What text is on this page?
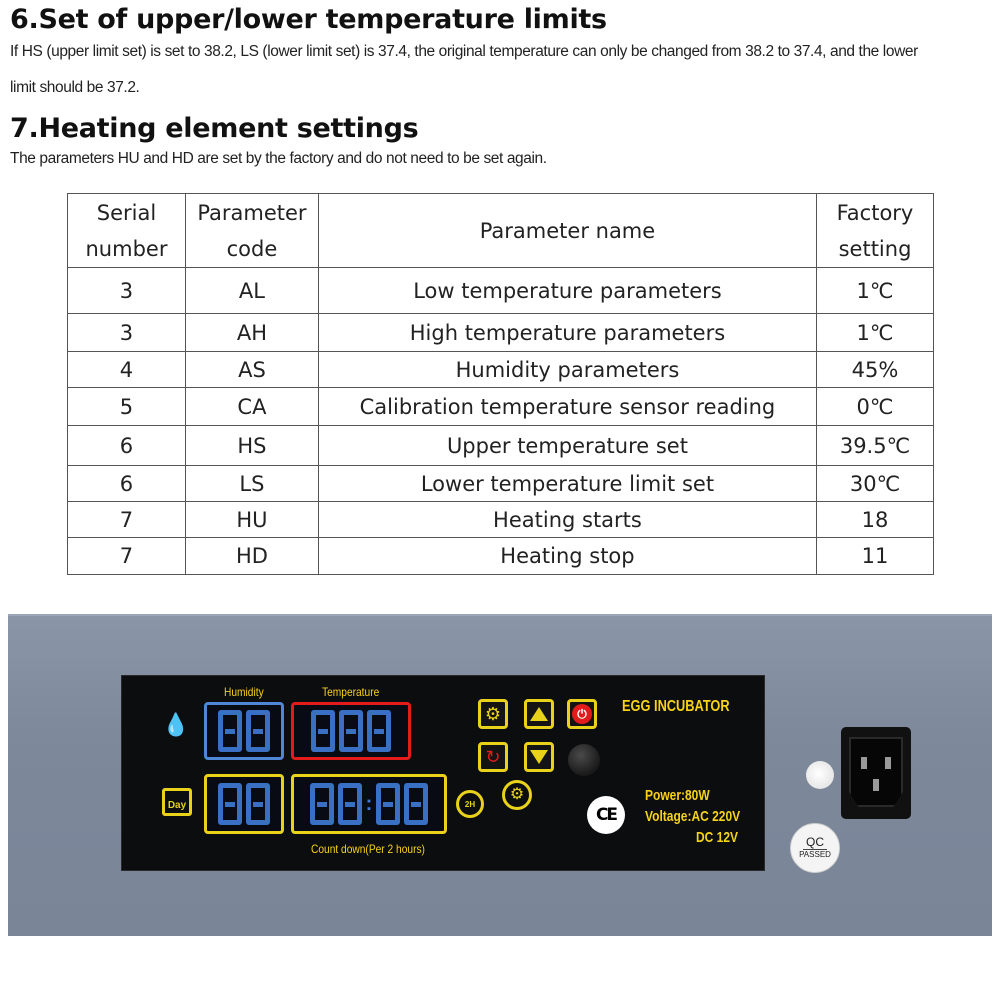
6.Set of upper/lower temperature limits
If HS (upper limit set) is set to 38.2, LS (lower limit set) is 37.4, the original temperature can only be changed from 38.2 to 37.4, and the lower
limit should be 37.2.
7.Heating element settings
The parameters HU and HD are set by the factory and do not need to be set again.
Serial number	Parameter code	Parameter name	Factory setting
3	AL	Low temperature parameters	1℃
3	AH	High temperature parameters	1℃
4	AS	Humidity parameters	45%
5	CA	Calibration temperature sensor reading	0℃
6	HS	Upper temperature set	39.5℃
6	LS	Lower temperature limit set	30℃
7	HU	Heating starts	18
7	HD	Heating stop	11
Humidity	Temperature
💧
Day	:
Count down(Per 2 hours)
2H
⚙	⏻
↻
⚙
EGG INCUBATOR
CE
Power:80W
Voltage:AC 220V
DC 12V	QC
PASSED
